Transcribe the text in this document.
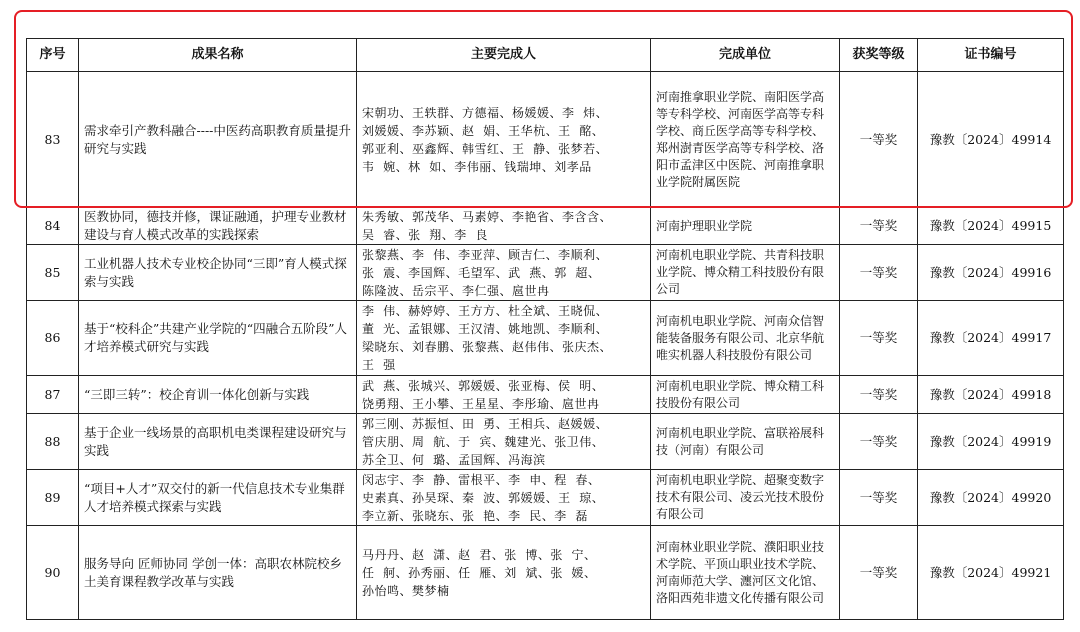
序号	成果名称	主要完成人	完成单位	获奖等级	证书编号
83	需求牵引产教科融合----中医药高职教育质量提升研究与实践	宋朝功、王轶群、方德福、杨媛媛、李  炜、
刘媛媛、李苏颖、赵  娟、王华杭、王  酩、
郭亚利、巫鑫辉、韩雪红、王  静、张梦若、
韦  婉、林  如、李伟丽、钱瑞坤、刘孝品	河南推拿职业学院、南阳医学高等专科学校、河南医学高等专科学校、商丘医学高等专科学校、郑州澍青医学高等专科学校、洛阳市孟津区中医院、河南推拿职业学院附属医院	一等奖	豫教〔2024〕49914
84	医教协同，德技并修，课证融通，护理专业教材建设与育人模式改革的实践探索	朱秀敏、郭茂华、马素婷、李艳省、李含含、
吴  睿、张  翔、李  良	河南护理职业学院	一等奖	豫教〔2024〕49915
85	工业机器人技术专业校企协同“三即”育人模式探索与实践	张黎燕、李  伟、李亚萍、顾吉仁、李顺利、
张  震、李国辉、毛望军、武  燕、郭  超、
陈隆波、岳宗平、李仁强、扈世冉	河南机电职业学院、共青科技职业学院、博众精工科技股份有限公司	一等奖	豫教〔2024〕49916
86	基于“校科企”共建产业学院的“四融合五阶段”人才培养模式研究与实践	李  伟、赫婷婷、王方方、杜全斌、王晓侃、
董  光、孟银娜、王汉清、姚地凯、李顺利、
梁晓东、刘春鹏、张黎燕、赵伟伟、张庆杰、
王  强	河南机电职业学院、河南众信智能装备服务有限公司、北京华航唯实机器人科技股份有限公司	一等奖	豫教〔2024〕49917
87	“三即三转”：校企育训一体化创新与实践	武  燕、张城兴、郭媛媛、张亚梅、侯  明、
饶勇翔、王小攀、王星星、李彤瑜、扈世冉	河南机电职业学院、博众精工科技股份有限公司	一等奖	豫教〔2024〕49918
88	基于企业一线场景的高职机电类课程建设研究与实践	郭三刚、苏振恒、田  勇、王相兵、赵媛媛、
管庆朋、周  航、于  宾、魏建光、张卫伟、
苏全卫、何  璐、孟国辉、冯海滨	河南机电职业学院、富联裕展科技（河南）有限公司	一等奖	豫教〔2024〕49919
89	“项目+人才”双交付的新一代信息技术专业集群人才培养模式探索与实践	闵志宇、李  静、雷根平、李  申、程  春、
史素真、孙昊琛、秦  波、郭媛媛、王  琼、
李立新、张晓东、张  艳、李  民、李  磊	河南机电职业学院、超聚变数字技术有限公司、凌云光技术股份有限公司	一等奖	豫教〔2024〕49920
90	服务导向 匠师协同 学创一体：高职农林院校乡土美育课程教学改革与实践	马丹丹、赵  潇、赵  君、张  博、张  宁、
任  舸、孙秀丽、任  雁、刘  斌、张  媛、
孙怡鸣、樊梦楠	河南林业职业学院、濮阳职业技术学院、平顶山职业技术学院、河南师范大学、瀍河区文化馆、洛阳西苑非遗文化传播有限公司	一等奖	豫教〔2024〕49921
